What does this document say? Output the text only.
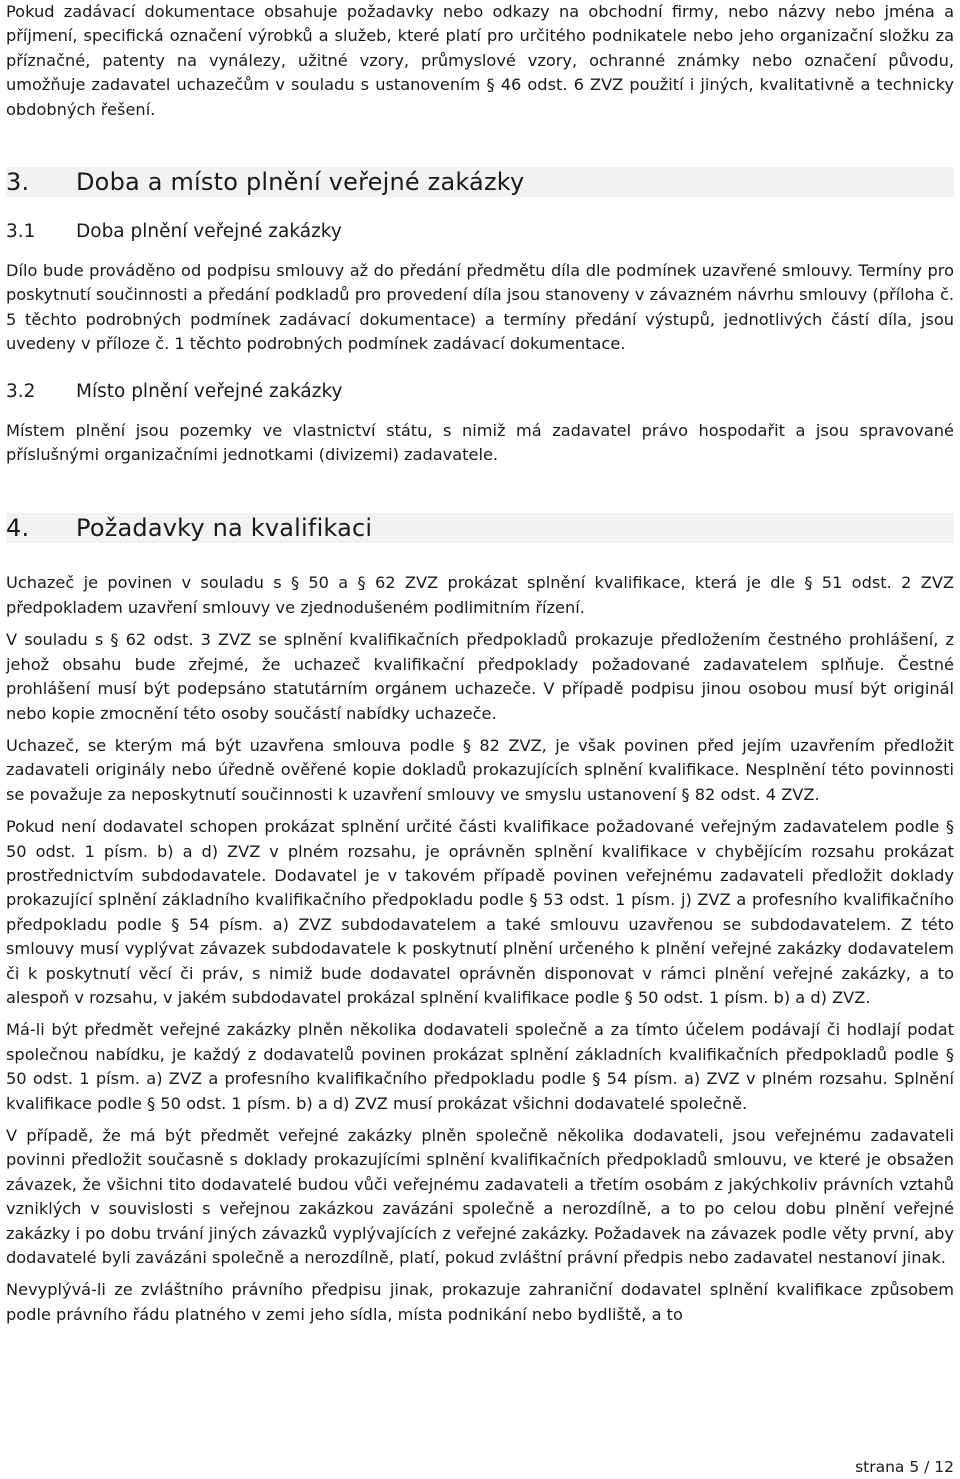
Pokud zadávací dokumentace obsahuje požadavky nebo odkazy na obchodní firmy, nebo názvy nebo jména a příjmení, specifická označení výrobků a služeb, které platí pro určitého podnikatele nebo jeho organizační složku za příznačné, patenty na vynálezy, užitné vzory, průmyslové vzory, ochranné známky nebo označení původu, umožňuje zadavatel uchazečům v souladu s ustanovením § 46 odst. 6 ZVZ použití i jiných, kvalitativně a technicky obdobných řešení.

3. Doba a místo plnění veřejné zakázky
3.1 Doba plnění veřejné zakázky

Dílo bude prováděno od podpisu smlouvy až do předání předmětu díla dle podmínek uzavřené smlouvy. Termíny pro poskytnutí součinnosti a předání podkladů pro provedení díla jsou stanoveny v závazném návrhu smlouvy (příloha č. 5 těchto podrobných podmínek zadávací dokumentace) a termíny předání výstupů, jednotlivých částí díla, jsou uvedeny v příloze č. 1 těchto podrobných podmínek zadávací dokumentace.

3.2 Místo plnění veřejné zakázky

Místem plnění jsou pozemky ve vlastnictví státu, s nimiž má zadavatel právo hospodařit a jsou spravované příslušnými organizačními jednotkami (divizemi) zadavatele.

4. Požadavky na kvalifikaci

Uchazeč je povinen v souladu s § 50 a § 62 ZVZ prokázat splnění kvalifikace, která je dle § 51 odst. 2 ZVZ předpokladem uzavření smlouvy ve zjednodušeném podlimitním řízení.

V souladu s § 62 odst. 3 ZVZ se splnění kvalifikačních předpokladů prokazuje předložením čestného prohlášení, z jehož obsahu bude zřejmé, že uchazeč kvalifikační předpoklady požadované zadavatelem splňuje. Čestné prohlášení musí být podepsáno statutárním orgánem uchazeče. V případě podpisu jinou osobou musí být originál nebo kopie zmocnění této osoby součástí nabídky uchazeče.

Uchazeč, se kterým má být uzavřena smlouva podle § 82 ZVZ, je však povinen před jejím uzavřením předložit zadavateli originály nebo úředně ověřené kopie dokladů prokazujících splnění kvalifikace. Nesplnění této povinnosti se považuje za neposkytnutí součinnosti k uzavření smlouvy ve smyslu ustanovení § 82 odst. 4 ZVZ.

Pokud není dodavatel schopen prokázat splnění určité části kvalifikace požadované veřejným zadavatelem podle § 50 odst. 1 písm. b) a d) ZVZ v plném rozsahu, je oprávněn splnění kvalifikace v chybějícím rozsahu prokázat prostřednictvím subdodavatele. Dodavatel je v takovém případě povinen veřejnému zadavateli předložit doklady prokazující splnění základního kvalifikačního předpokladu podle § 53 odst. 1 písm. j) ZVZ a profesního kvalifikačního předpokladu podle § 54 písm. a) ZVZ subdodavatelem a také smlouvu uzavřenou se subdodavatelem. Z této smlouvy musí vyplývat závazek subdodavatele k poskytnutí plnění určeného k plnění veřejné zakázky dodavatelem či k poskytnutí věcí či práv, s nimiž bude dodavatel oprávněn disponovat v rámci plnění veřejné zakázky, a to alespoň v rozsahu, v jakém subdodavatel prokázal splnění kvalifikace podle § 50 odst. 1 písm. b) a d) ZVZ.

Má-li být předmět veřejné zakázky plněn několika dodavateli společně a za tímto účelem podávají či hodlají podat společnou nabídku, je každý z dodavatelů povinen prokázat splnění základních kvalifikačních předpokladů podle § 50 odst. 1 písm. a) ZVZ a profesního kvalifikačního předpokladu podle § 54 písm. a) ZVZ v plném rozsahu. Splnění kvalifikace podle § 50 odst. 1 písm. b) a d) ZVZ musí prokázat všichni dodavatelé společně.

V případě, že má být předmět veřejné zakázky plněn společně několika dodavateli, jsou veřejnému zadavateli povinni předložit současně s doklady prokazujícími splnění kvalifikačních předpokladů smlouvu, ve které je obsažen závazek, že všichni tito dodavatelé budou vůči veřejnému zadavateli a třetím osobám z jakýchkoliv právních vztahů vzniklých v souvislosti s veřejnou zakázkou zavázáni společně a nerozdílně, a to po celou dobu plnění veřejné zakázky i po dobu trvání jiných závazků vyplývajících z veřejné zakázky. Požadavek na závazek podle věty první, aby dodavatelé byli zavázáni společně a nerozdílně, platí, pokud zvláštní právní předpis nebo zadavatel nestanoví jinak.

Nevyplývá-li ze zvláštního právního předpisu jinak, prokazuje zahraniční dodavatel splnění kvalifikace způsobem podle právního řádu platného v zemi jeho sídla, místa podnikání nebo bydliště, a to

strana 5 / 12
